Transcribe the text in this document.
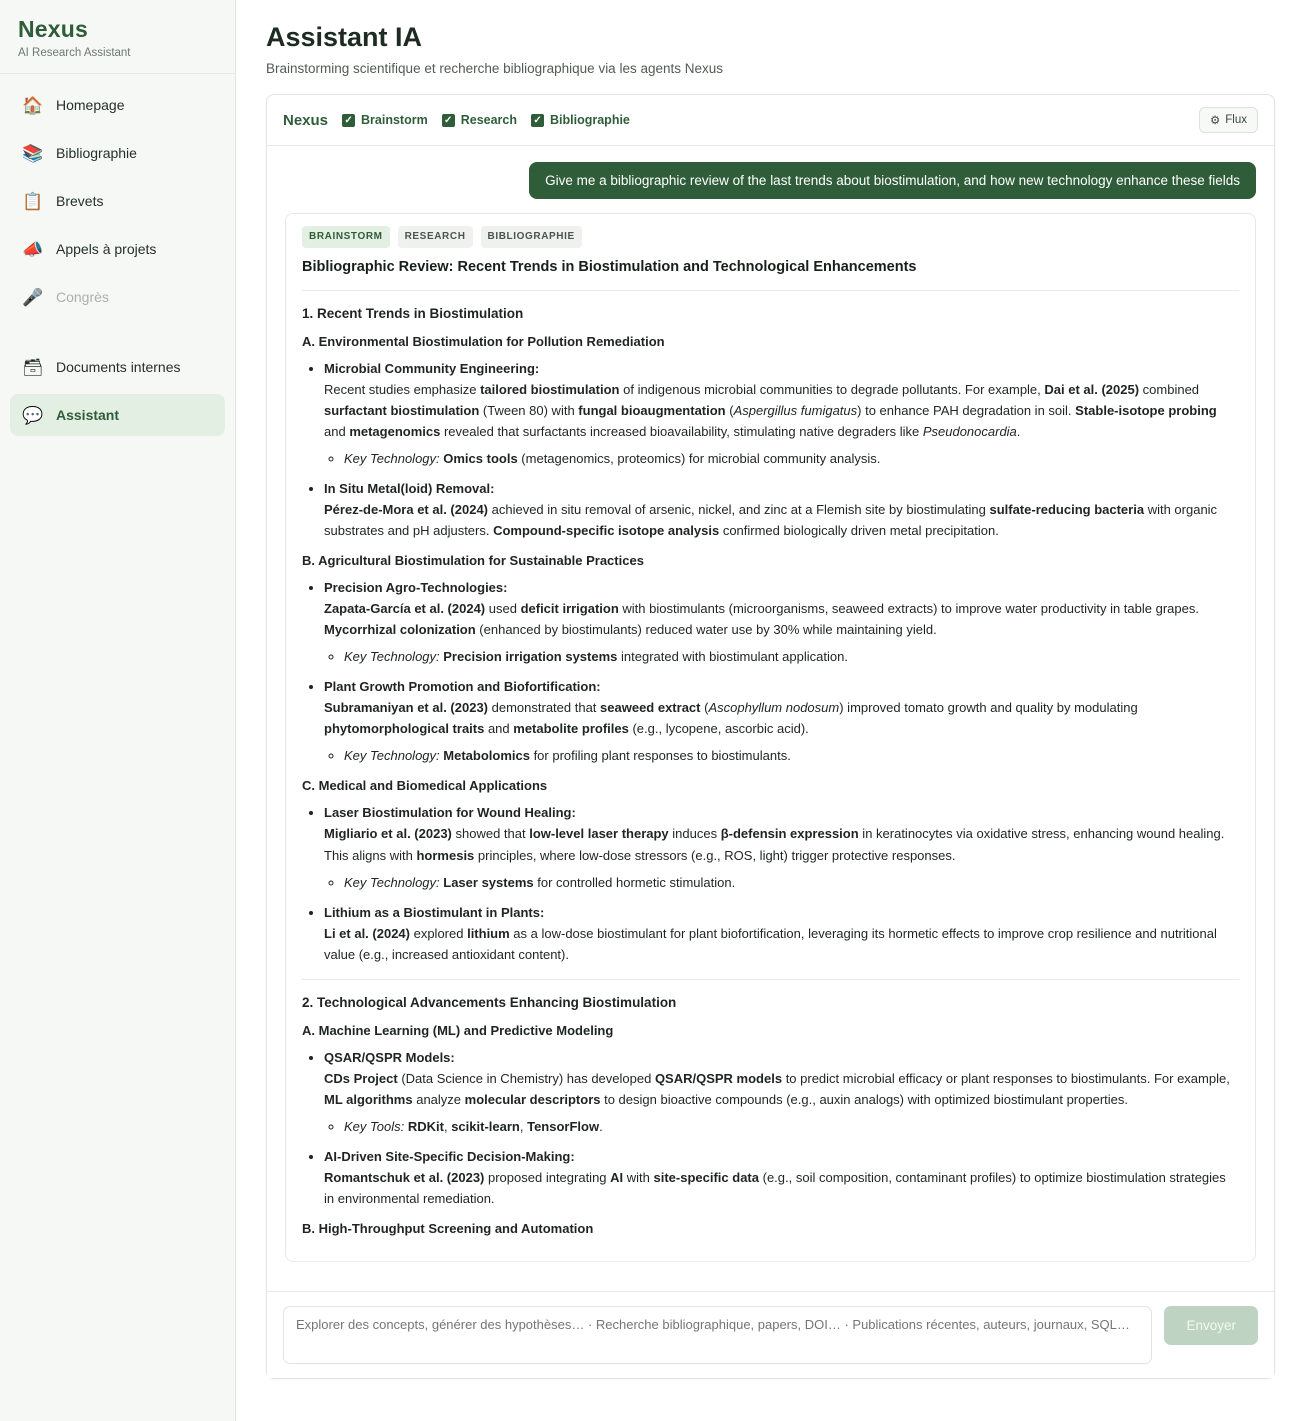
Nexus
AI Research Assistant
🏠 Homepage
📚 Bibliographie
📋 Brevets
📣 Appels à projets
🎤 Congrès
🗃 Documents internes
💬 Assistant
Assistant IA
Brainstorming scientifique et recherche bibliographique via les agents Nexus
Nexus ✓ Brainstorm ✓ Research ✓ Bibliographie	⚙ Flux
Give me a bibliographic review of the last trends about biostimulation, and how new technology enhance these fields
BRAINSTORM	RESEARCH	BIBLIOGRAPHIE
Bibliographic Review: Recent Trends in Biostimulation and Technological Enhancements
1. Recent Trends in Biostimulation
A. Environmental Biostimulation for Pollution Remediation
• Microbial Community Engineering:
Recent studies emphasize tailored biostimulation of indigenous microbial communities to degrade pollutants. For example, Dai et al. (2025) combined surfactant biostimulation (Tween 80) with fungal bioaugmentation (Aspergillus fumigatus) to enhance PAH degradation in soil. Stable-isotope probing and metagenomics revealed that surfactants increased bioavailability, stimulating native degraders like Pseudonocardia.
◦ Key Technology: Omics tools (metagenomics, proteomics) for microbial community analysis.
• In Situ Metal(loid) Removal:
Pérez-de-Mora et al. (2024) achieved in situ removal of arsenic, nickel, and zinc at a Flemish site by biostimulating sulfate-reducing bacteria with organic substrates and pH adjusters. Compound-specific isotope analysis confirmed biologically driven metal precipitation.
B. Agricultural Biostimulation for Sustainable Practices
• Precision Agro-Technologies:
Zapata-García et al. (2024) used deficit irrigation with biostimulants (microorganisms, seaweed extracts) to improve water productivity in table grapes. Mycorrhizal colonization (enhanced by biostimulants) reduced water use by 30% while maintaining yield.
◦ Key Technology: Precision irrigation systems integrated with biostimulant application.
• Plant Growth Promotion and Biofortification:
Subramaniyan et al. (2023) demonstrated that seaweed extract (Ascophyllum nodosum) improved tomato growth and quality by modulating phytomorphological traits and metabolite profiles (e.g., lycopene, ascorbic acid).
◦ Key Technology: Metabolomics for profiling plant responses to biostimulants.
C. Medical and Biomedical Applications
• Laser Biostimulation for Wound Healing:
Migliario et al. (2023) showed that low-level laser therapy induces β-defensin expression in keratinocytes via oxidative stress, enhancing wound healing. This aligns with hormesis principles, where low-dose stressors (e.g., ROS, light) trigger protective responses.
◦ Key Technology: Laser systems for controlled hormetic stimulation.
• Lithium as a Biostimulant in Plants:
Li et al. (2024) explored lithium as a low-dose biostimulant for plant biofortification, leveraging its hormetic effects to improve crop resilience and nutritional value (e.g., increased antioxidant content).
2. Technological Advancements Enhancing Biostimulation
A. Machine Learning (ML) and Predictive Modeling
• QSAR/QSPR Models:
CDs Project (Data Science in Chemistry) has developed QSAR/QSPR models to predict microbial efficacy or plant responses to biostimulants. For example, ML algorithms analyze molecular descriptors to design bioactive compounds (e.g., auxin analogs) with optimized biostimulant properties.
◦ Key Tools: RDKit, scikit-learn, TensorFlow.
• AI-Driven Site-Specific Decision-Making:
Romantschuk et al. (2023) proposed integrating AI with site-specific data (e.g., soil composition, contaminant profiles) to optimize biostimulation strategies in environmental remediation.
B. High-Throughput Screening and Automation
Explorer des concepts, générer des hypothèses… · Recherche bibliographique, papers, DOI… · Publications récentes, auteurs, journaux, SQL…
Envoyer
